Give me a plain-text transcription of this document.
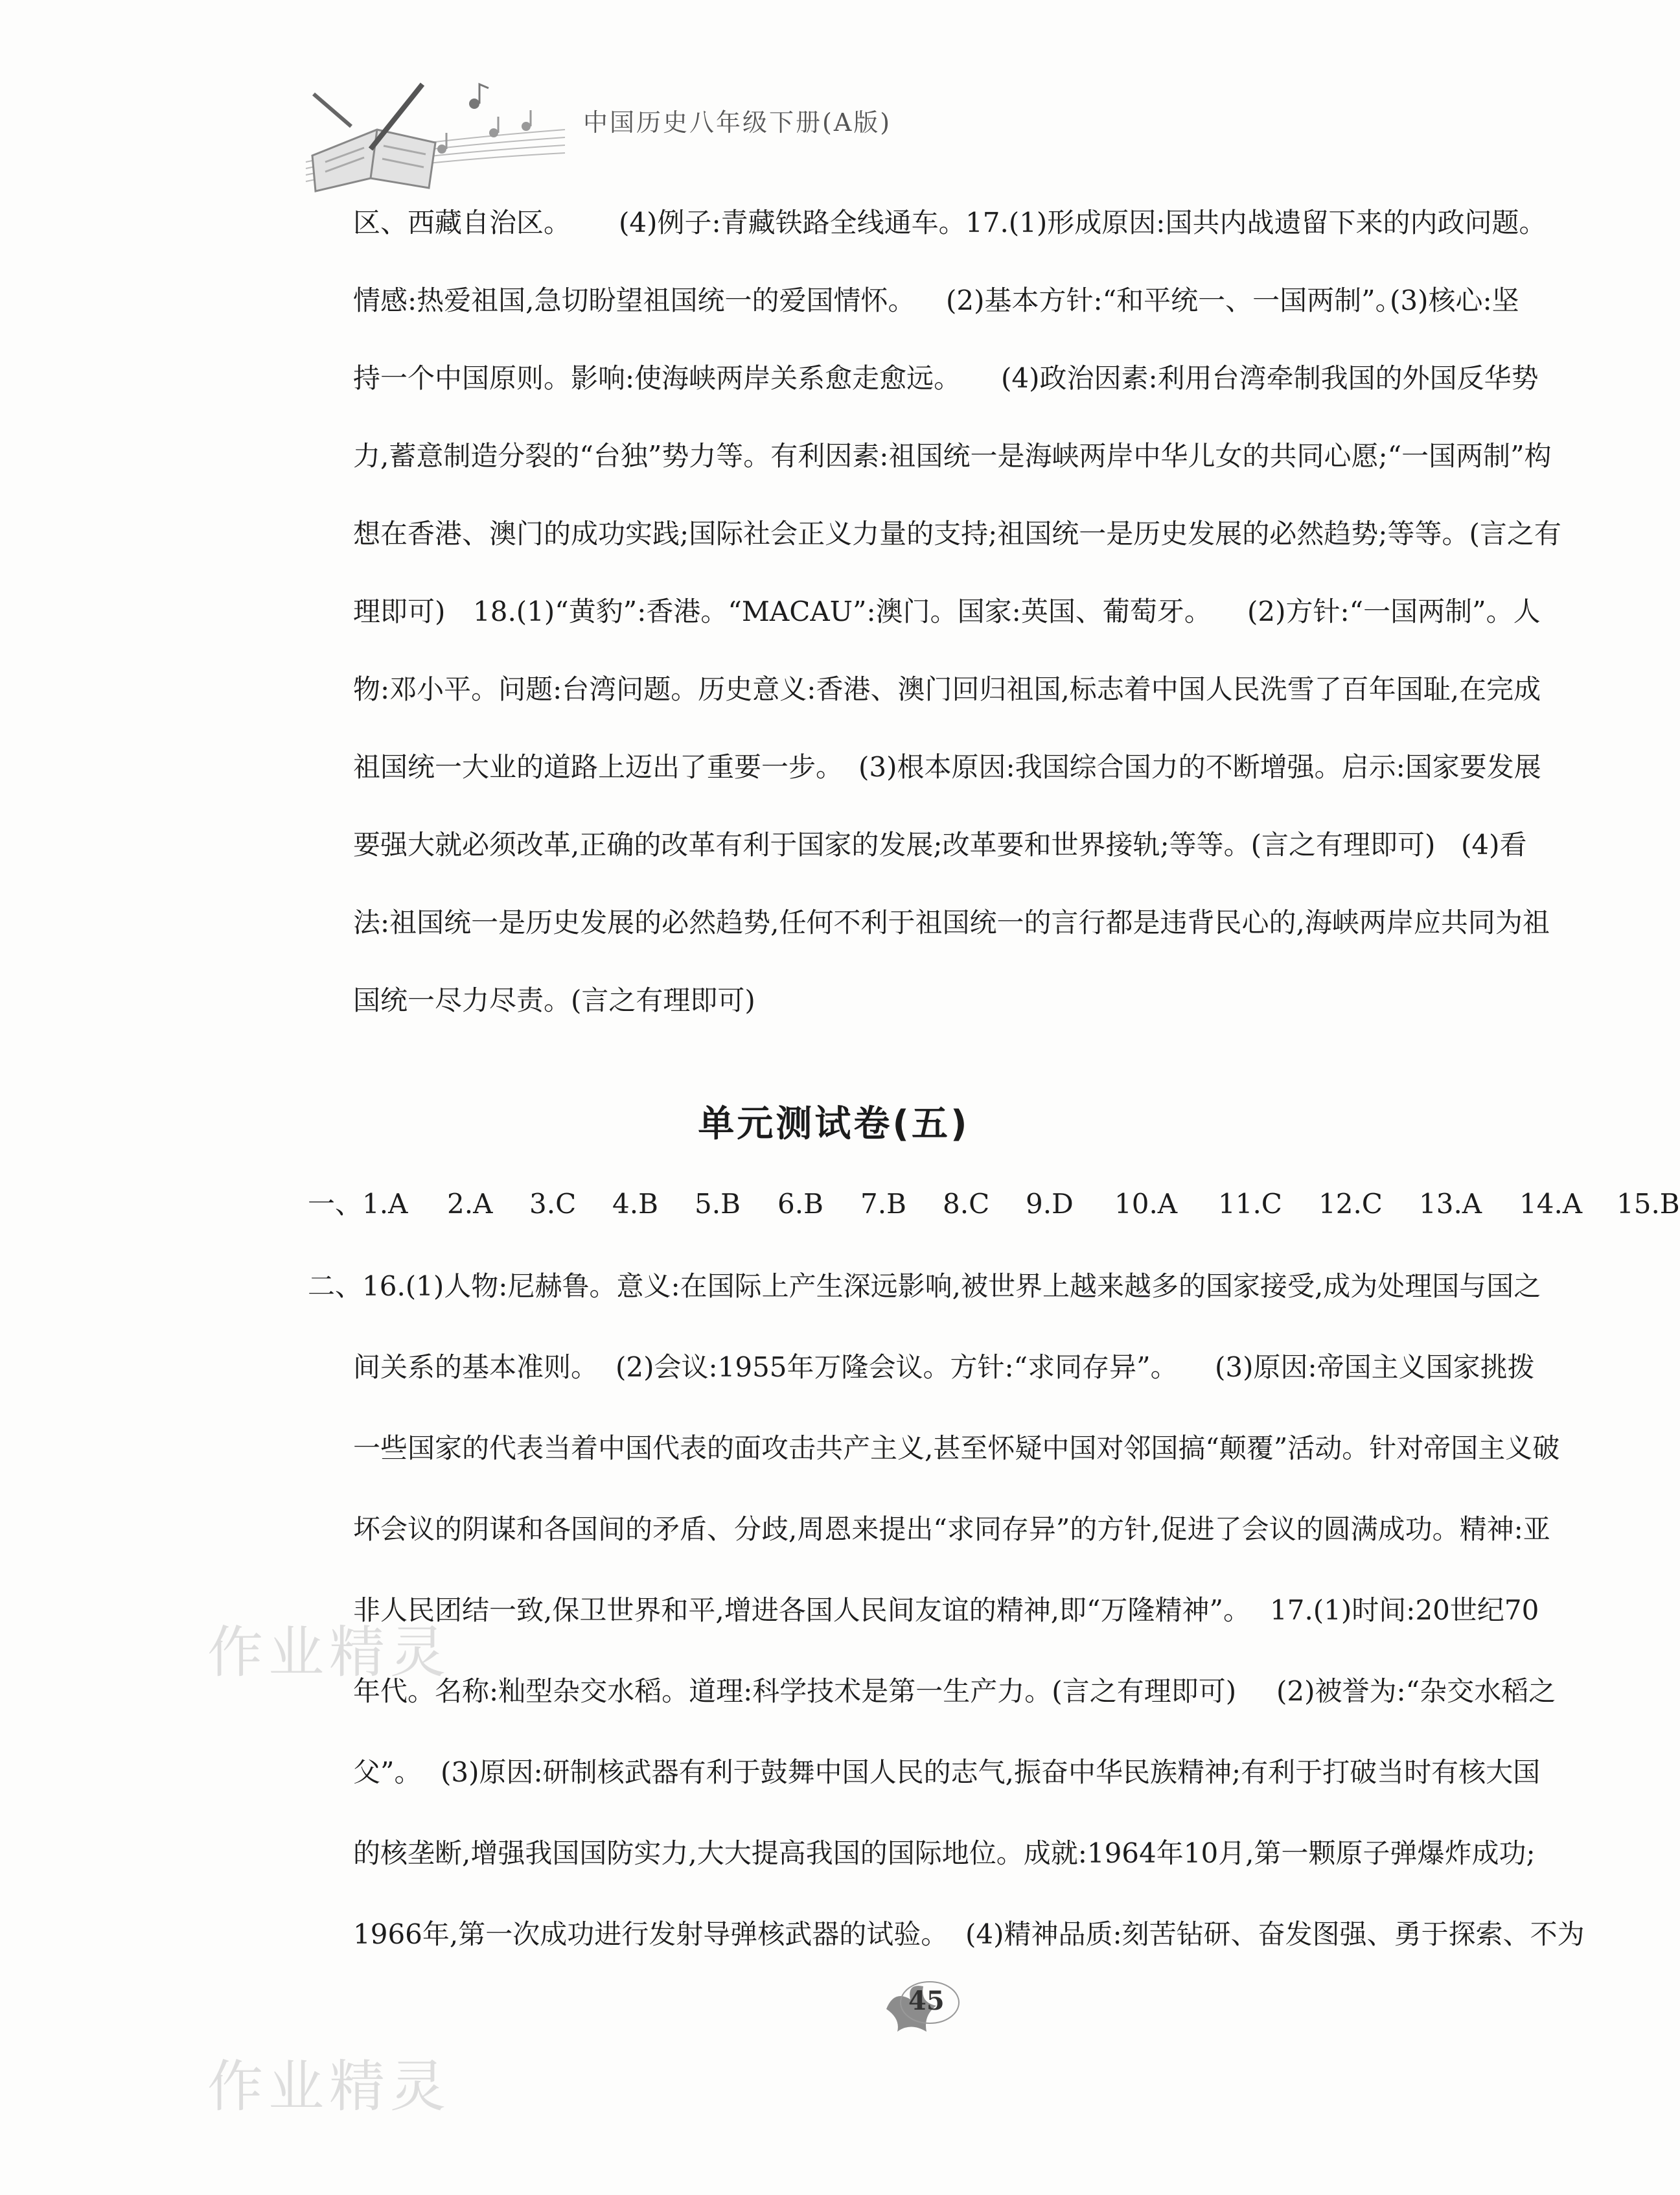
中国历史八年级下册(A版)
区、西藏自治区。 (4)例子:青藏铁路全线通车。 17.(1)形成原因:国共内战遗留下来的内政问题。
情感:热爱祖国,急切盼望祖国统一的爱国情怀。 (2)基本方针:“和平统一、一国两制”。
(3)核心:坚
持一个中国原则。影响:使海峡两岸关系愈走愈远。 (4)政治因素:利用台湾牵制我国的外国反华势
力,蓄意制造分裂的“台独”势力等。有利因素:祖国统一是海峡两岸中华儿女的共同心愿;“一国两制”构
想在香港、澳门的成功实践;国际社会正义力量的支持;祖国统一是历史发展的必然趋势;等等。(言之有
理即可) 18.(1)“黄豹”:香港。“MACAU”:澳门。国家:英国、葡萄牙。 (2)方针:“一国两制”。人
物:邓小平。问题:台湾问题。历史意义:香港、澳门回归祖国,标志着中国人民洗雪了百年国耻,在完成
祖国统一大业的道路上迈出了重要一步。 (3)根本原因:我国综合国力的不断增强。启示:国家要发展
要强大就必须改革,正确的改革有利于国家的发展;改革要和世界接轨;等等。(言之有理即可) (4)看
法:祖国统一是历史发展的必然趋势,任何不利于祖国统一的言行都是违背民心的,海峡两岸应共同为祖
国统一尽力尽责。(言之有理即可)
单元测试卷(五)
一、 1.A 2.A 3.C 4.B 5.B 6.B 7.B 8.C 9.D 10.A 11.C 12.C 13.A 14.A 15.B
二、16.(1)人物:尼赫鲁。意义:在国际上产生深远影响,被世界上越来越多的国家接受,成为处理国与国之
间关系的基本准则。 (2)会议:1955年万隆会议。方针:“求同存异”。 (3)原因:帝国主义国家挑拨
一些国家的代表当着中国代表的面攻击共产主义,甚至怀疑中国对邻国搞“颠覆”活动。针对帝国主义破
坏会议的阴谋和各国间的矛盾、分歧,周恩来提出“求同存异”的方针,促进了会议的圆满成功。精神:亚
非人民团结一致,保卫世界和平,增进各国人民间友谊的精神,即“万隆精神”。 17.(1)时间:20世纪70
年代。名称:籼型杂交水稻。道理:科学技术是第一生产力。(言之有理即可) (2)被誉为:“杂交水稻之
父”。 (3)原因:研制核武器有利于鼓舞中国人民的志气,振奋中华民族精神;有利于打破当时有核大国
的核垄断,增强我国国防实力,大大提高我国的国际地位。成就:1964年10月,第一颗原子弹爆炸成功;
1966年,第一次成功进行发射导弹核武器的试验。 (4)精神品质:刻苦钻研、奋发图强、勇于探索、不为
45
作业精灵
作业精灵
